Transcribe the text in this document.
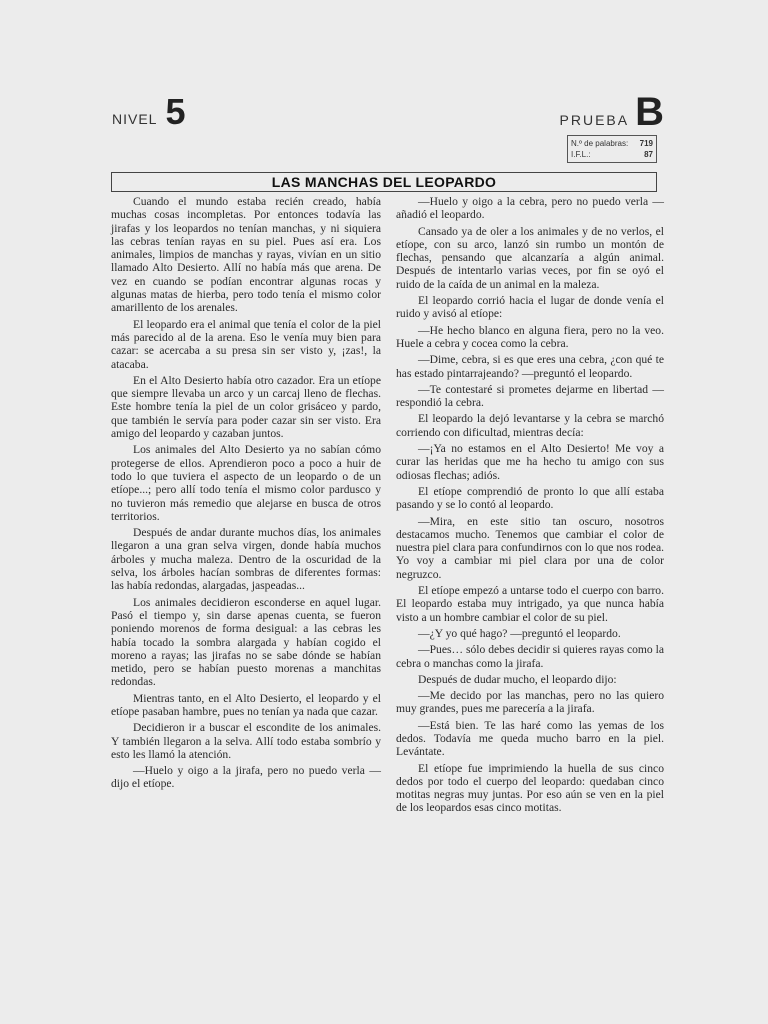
NIVEL 5	PRUEBA B
N.º de palabras: 719
I.F.L.:	87
LAS MANCHAS DEL LEOPARDO

Cuando el mundo estaba recién creado, había muchas cosas incompletas. Por entonces todavía las jirafas y los leopardos no tenían manchas, y ni siquiera las cebras tenían rayas en su piel. Pues así era. Los animales, limpios de manchas y rayas, vivían en un sitio llamado Alto Desierto. Allí no había más que arena. De vez en cuando se podían encontrar algunas rocas y algunas matas de hierba, pero todo tenía el mismo color amarillento de los arenales.

El leopardo era el animal que tenía el color de la piel más parecido al de la arena. Eso le venía muy bien para cazar: se acercaba a su presa sin ser visto y, ¡zas!, la atacaba.

En el Alto Desierto había otro cazador. Era un etíope que siempre llevaba un arco y un carcaj lleno de flechas. Este hombre tenía la piel de un color grisáceo y pardo, que también le servía para poder cazar sin ser visto. Era amigo del leopardo y cazaban juntos.

Los animales del Alto Desierto ya no sabían cómo protegerse de ellos. Aprendieron poco a poco a huir de todo lo que tuviera el aspecto de un leopardo o de un etíope...; pero allí todo tenía el mismo color pardusco y no tuvieron más remedio que alejarse en busca de otros territorios.

Después de andar durante muchos días, los animales llegaron a una gran selva virgen, donde había muchos árboles y mucha maleza. Dentro de la oscuridad de la selva, los árboles hacían sombras de diferentes formas: las había redondas, alargadas, jaspeadas...

Los animales decidieron esconderse en aquel lugar. Pasó el tiempo y, sin darse apenas cuenta, se fueron poniendo morenos de forma desigual: a las cebras les había tocado la sombra alargada y habían cogido el moreno a rayas; las jirafas no se sabe dónde se habían metido, pero se habían puesto morenas a manchitas redondas.

Mientras tanto, en el Alto Desierto, el leopardo y el etíope pasaban hambre, pues no tenían ya nada que cazar.

Decidieron ir a buscar el escondite de los animales. Y también llegaron a la selva. Allí todo estaba sombrío y esto les llamó la atención.

—Huelo y oigo a la jirafa, pero no puedo verla —dijo el etíope.

—Huelo y oigo a la cebra, pero no puedo verla —añadió el leopardo.

Cansado ya de oler a los animales y de no verlos, el etíope, con su arco, lanzó sin rumbo un montón de flechas, pensando que alcanzaría a algún animal. Después de intentarlo varias veces, por fin se oyó el ruido de la caída de un animal en la maleza.

El leopardo corrió hacia el lugar de donde venía el ruido y avisó al etíope:

—He hecho blanco en alguna fiera, pero no la veo. Huele a cebra y cocea como la cebra.

—Dime, cebra, si es que eres una cebra, ¿con qué te has estado pintarrajeando? —preguntó el leopardo.

—Te contestaré si prometes dejarme en libertad —respondió la cebra.

El leopardo la dejó levantarse y la cebra se marchó corriendo con dificultad, mientras decía:

—¡Ya no estamos en el Alto Desierto! Me voy a curar las heridas que me ha hecho tu amigo con sus odiosas flechas; adiós.

El etíope comprendió de pronto lo que allí estaba pasando y se lo contó al leopardo.

—Mira, en este sitio tan oscuro, nosotros destacamos mucho. Tenemos que cambiar el color de nuestra piel clara para confundirnos con lo que nos rodea. Yo voy a cambiar mi piel clara por una de color negruzco.

El etíope empezó a untarse todo el cuerpo con barro. El leopardo estaba muy intrigado, ya que nunca había visto a un hombre cambiar el color de su piel.

—¿Y yo qué hago? —preguntó el leopardo.

—Pues… sólo debes decidir si quieres rayas como la cebra o manchas como la jirafa.

Después de dudar mucho, el leopardo dijo:

—Me decido por las manchas, pero no las quiero muy grandes, pues me parecería a la jirafa.

—Está bien. Te las haré como las yemas de los dedos. Todavía me queda mucho barro en la piel. Levántate.

El etíope fue imprimiendo la huella de sus cinco dedos por todo el cuerpo del leopardo: quedaban cinco motitas negras muy juntas. Por eso aún se ven en la piel de los leopardos esas cinco motitas.
